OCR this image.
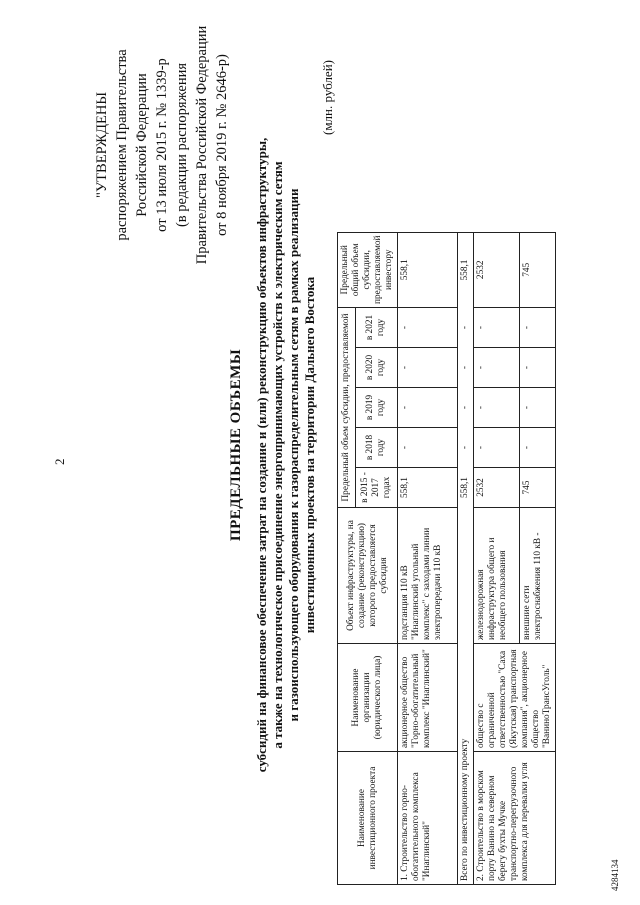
2
"УТВЕРЖДЕНЫ распоряжением Правительства Российской Федерации от 13 июля 2015 г. № 1339-р (в редакции распоряжения Правительства Российской Федерации от 8 ноября 2019 г. № 2646-р)
ПРЕДЕЛЬНЫЕ ОБЪЕМЫ субсидий на финансовое обеспечение затрат на создание и (или) реконструкцию объектов инфраструктуры, а также на технологическое присоединение энергопринимающих устройств к электрическим сетям и газоиспользующего оборудования к газораспределительным сетям в рамках реализации инвестиционных проектов на территории Дальнего Востока
(млн. рублей)
Наименование инвестиционного проекта	Наименование организации (юридического лица)	Объект инфраструктуры, на создание (реконструкцию) которого предоставляется субсидия	Предельный объем субсидии, предоставляемой					Предельный общий объем субсидии, предоставляемой инвестору
			в 2015 - 2017 годах	в 2018 году	в 2019 году	в 2020 году	в 2021 году	
1. Строительство горно-обогатительного комплекса "Инаглинский"	акционерное общество "Горно-обогатительный комплекс "Инаглинский"	подстанция 110 кВ "Инаглинский угольный комплекс" с заходами линии электропередачи 110 кВ	558,1	-	-	-	-	558,1
Всего по инвестиционному проекту			558,1	-	-	-	-	558,1
2. Строительство в морском порту Ванино на северном берегу бухты Мучке транспортно-перегрузочного комплекса для перевалки угля	общество с ограниченной ответственностью "Саха (Якутская) транспортная компания", акционерное общество "ВаниноТрансУголь"	железнодорожная инфраструктура общего и необщего пользования	2532	-	-	-	-	2532
		внешние сети электроснабжения 110 кВ -	745	-	-	-	-	745
4284134
